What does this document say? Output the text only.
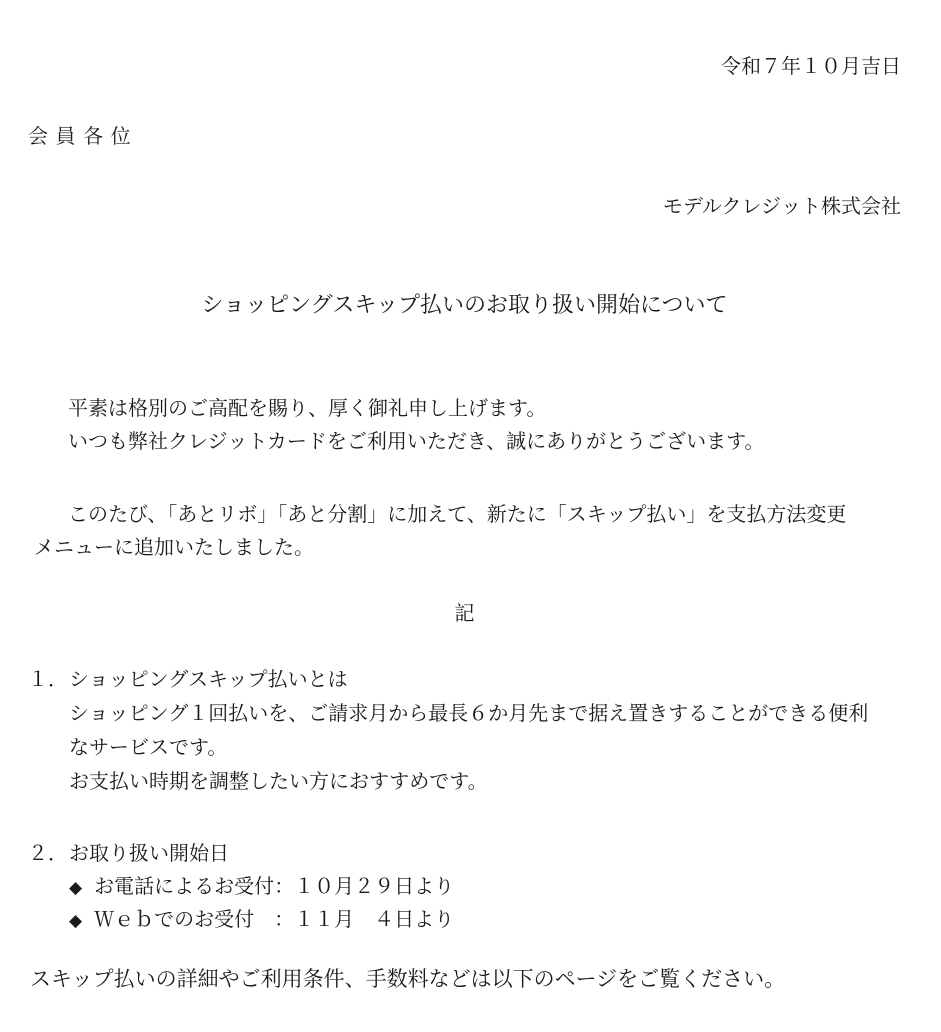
令和７年１０月吉日
会 員 各 位
モデルクレジット株式会社
ショッピングスキップ払いのお取り扱い開始について
平素は格別のご高配を賜り、厚く御礼申し上げます。
いつも弊社クレジットカードをご利用いただき、誠にありがとうございます。
このたび、「あとリボ」「あと分割」に加えて、新たに「スキップ払い」を支払方法変更
メニューに追加いたしました。
記
１． ショッピングスキップ払いとは
ショッピング１回払いを、ご請求月から最長６か月先まで据え置きすることができる便利
なサービスです。
お支払い時期を調整したい方におすすめです。
２． お取り扱い開始日
◆ お電話によるお受付：１０月２９日より
◆ Ｗｅｂでのお受付　：１１月　４日より
スキップ払いの詳細やご利用条件、手数料などは以下のページをご覧ください。
